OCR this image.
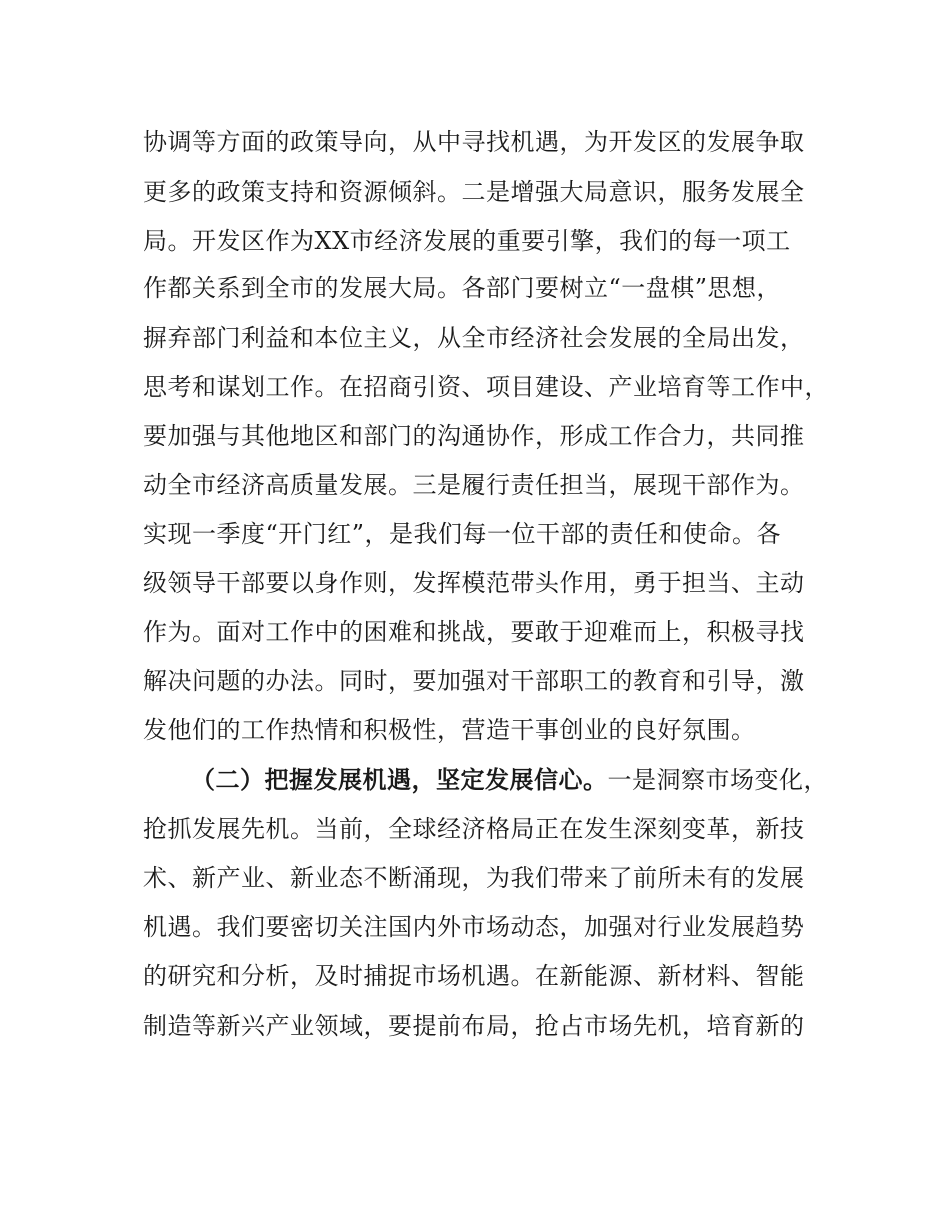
协调等方面的政策导向，从中寻找机遇，为开发区的发展争取
更多的政策支持和资源倾斜。二是增强大局意识，服务发展全
局。开发区作为XX市经济发展的重要引擎，我们的每一项工
作都关系到全市的发展大局。各部门要树立“一盘棋”思想，
摒弃部门利益和本位主义，从全市经济社会发展的全局出发，
思考和谋划工作。在招商引资、项目建设、产业培育等工作中，
要加强与其他地区和部门的沟通协作，形成工作合力，共同推
动全市经济高质量发展。三是履行责任担当，展现干部作为。
实现一季度“开门红”，是我们每一位干部的责任和使命。各
级领导干部要以身作则，发挥模范带头作用，勇于担当、主动
作为。面对工作中的困难和挑战，要敢于迎难而上，积极寻找
解决问题的办法。同时，要加强对干部职工的教育和引导，激
发他们的工作热情和积极性，营造干事创业的良好氛围。
（二）把握发展机遇，坚定发展信心。一是洞察市场变化，
抢抓发展先机。当前，全球经济格局正在发生深刻变革，新技
术、新产业、新业态不断涌现，为我们带来了前所未有的发展
机遇。我们要密切关注国内外市场动态，加强对行业发展趋势
的研究和分析，及时捕捉市场机遇。在新能源、新材料、智能
制造等新兴产业领域，要提前布局，抢占市场先机，培育新的
